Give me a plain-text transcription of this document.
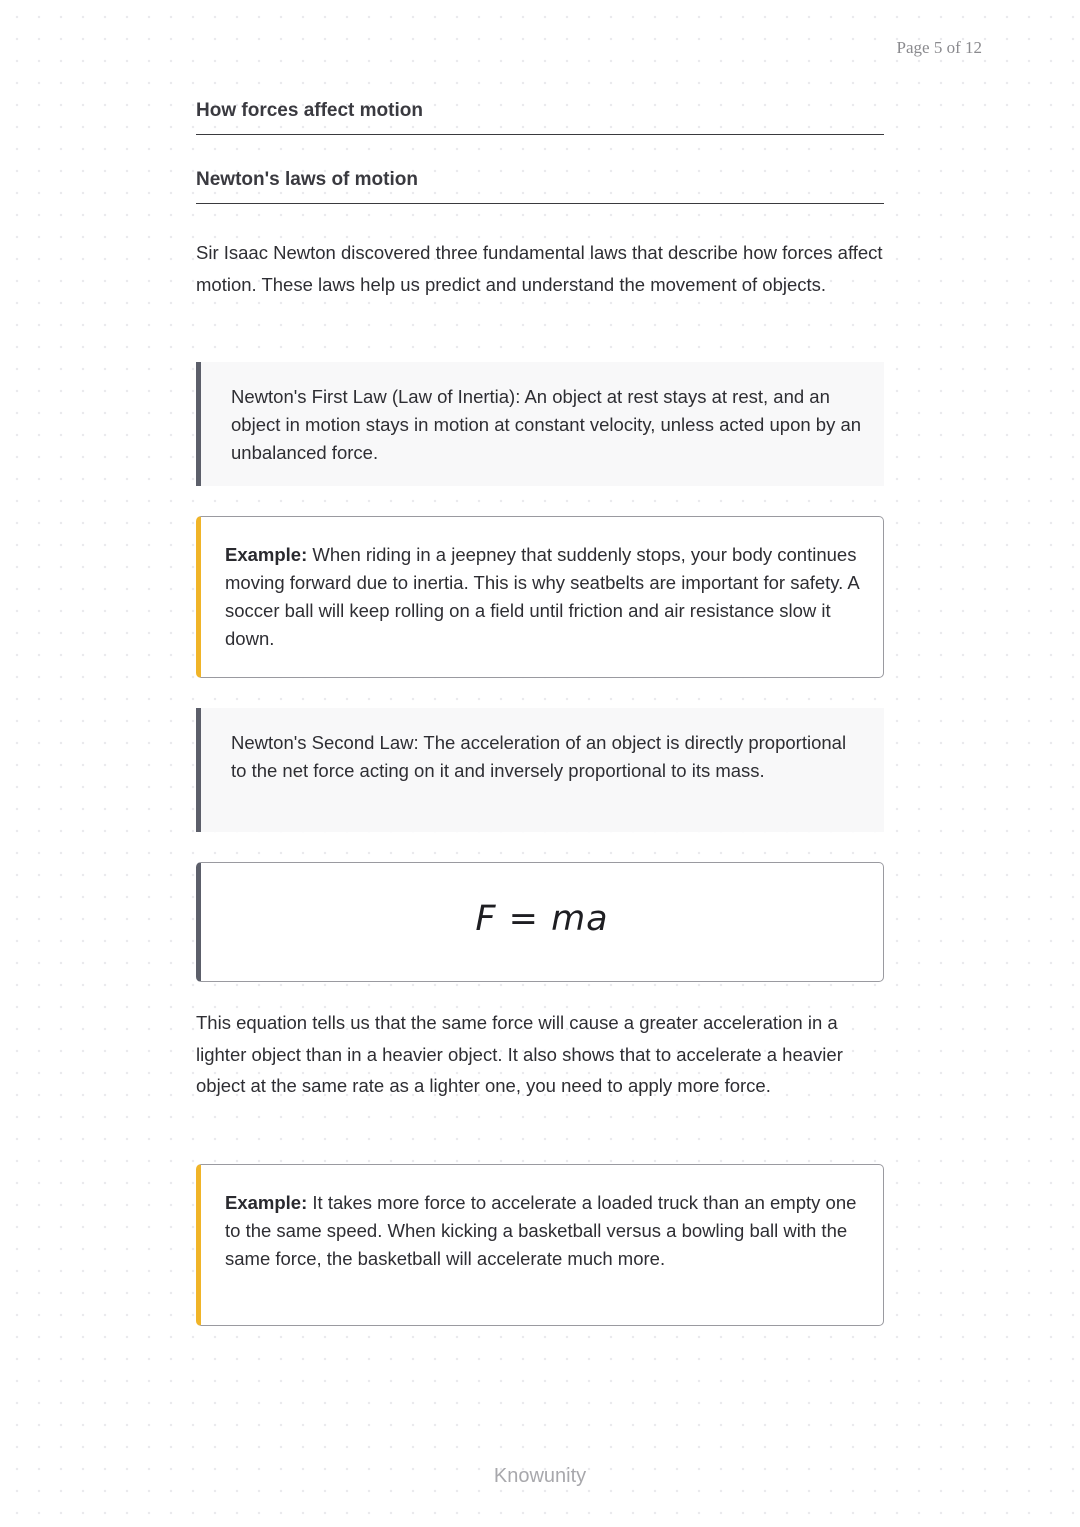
Page 5 of 12
How forces affect motion
Newton's laws of motion

Sir Isaac Newton discovered three fundamental laws that describe how forces affect motion. These laws help us predict and understand the movement of objects.

Newton's First Law (Law of Inertia): An object at rest stays at rest, and an object in motion stays in motion at constant velocity, unless acted upon by an unbalanced force.
Example: When riding in a jeepney that suddenly stops, your body continues moving forward due to inertia. This is why seatbelts are important for safety. A soccer ball will keep rolling on a field until friction and air resistance slow it down.
Newton's Second Law: The acceleration of an object is directly proportional to the net force acting on it and inversely proportional to its mass.
F = ma

This equation tells us that the same force will cause a greater acceleration in a lighter object than in a heavier object. It also shows that to accelerate a heavier object at the same rate as a lighter one, you need to apply more force.

Example: It takes more force to accelerate a loaded truck than an empty one to the same speed. When kicking a basketball versus a bowling ball with the same force, the basketball will accelerate much more.
Knowunity
